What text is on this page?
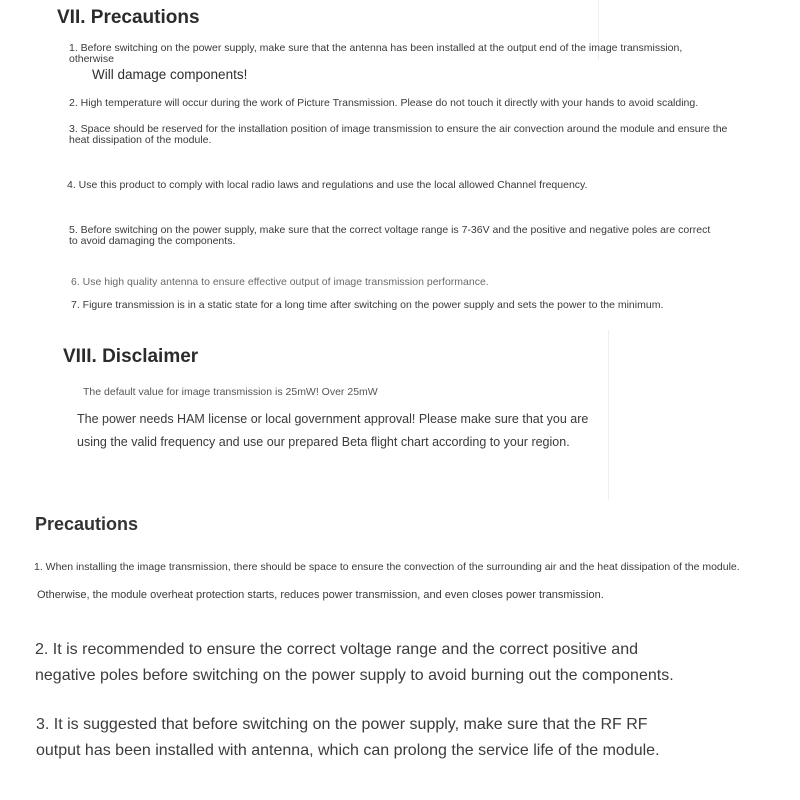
VII. Precautions

1. Before switching on the power supply, make sure that the antenna has been installed at the output end of the image transmission,

otherwise

Will damage components!

2. High temperature will occur during the work of Picture Transmission. Please do not touch it directly with your hands to avoid scalding.

3. Space should be reserved for the installation position of image transmission to ensure the air convection around the module and ensure the

heat dissipation of the module.

4. Use this product to comply with local radio laws and regulations and use the local allowed Channel frequency.

5. Before switching on the power supply, make sure that the correct voltage range is 7-36V and the positive and negative poles are correct

to avoid damaging the components.

6. Use high quality antenna to ensure effective output of image transmission performance.

7. Figure transmission is in a static state for a long time after switching on the power supply and sets the power to the minimum.

VIII. Disclaimer

The default value for image transmission is 25mW! Over 25mW

The power needs HAM license or local government approval! Please make sure that you are

using the valid frequency and use our prepared Beta flight chart according to your region.

Precautions

1. When installing the image transmission, there should be space to ensure the convection of the surrounding air and the heat dissipation of the module.

Otherwise, the module overheat protection starts, reduces power transmission, and even closes power transmission.

2. It is recommended to ensure the correct voltage range and the correct positive and

negative poles before switching on the power supply to avoid burning out the components.

3. It is suggested that before switching on the power supply, make sure that the RF RF

output has been installed with antenna, which can prolong the service life of the module.
